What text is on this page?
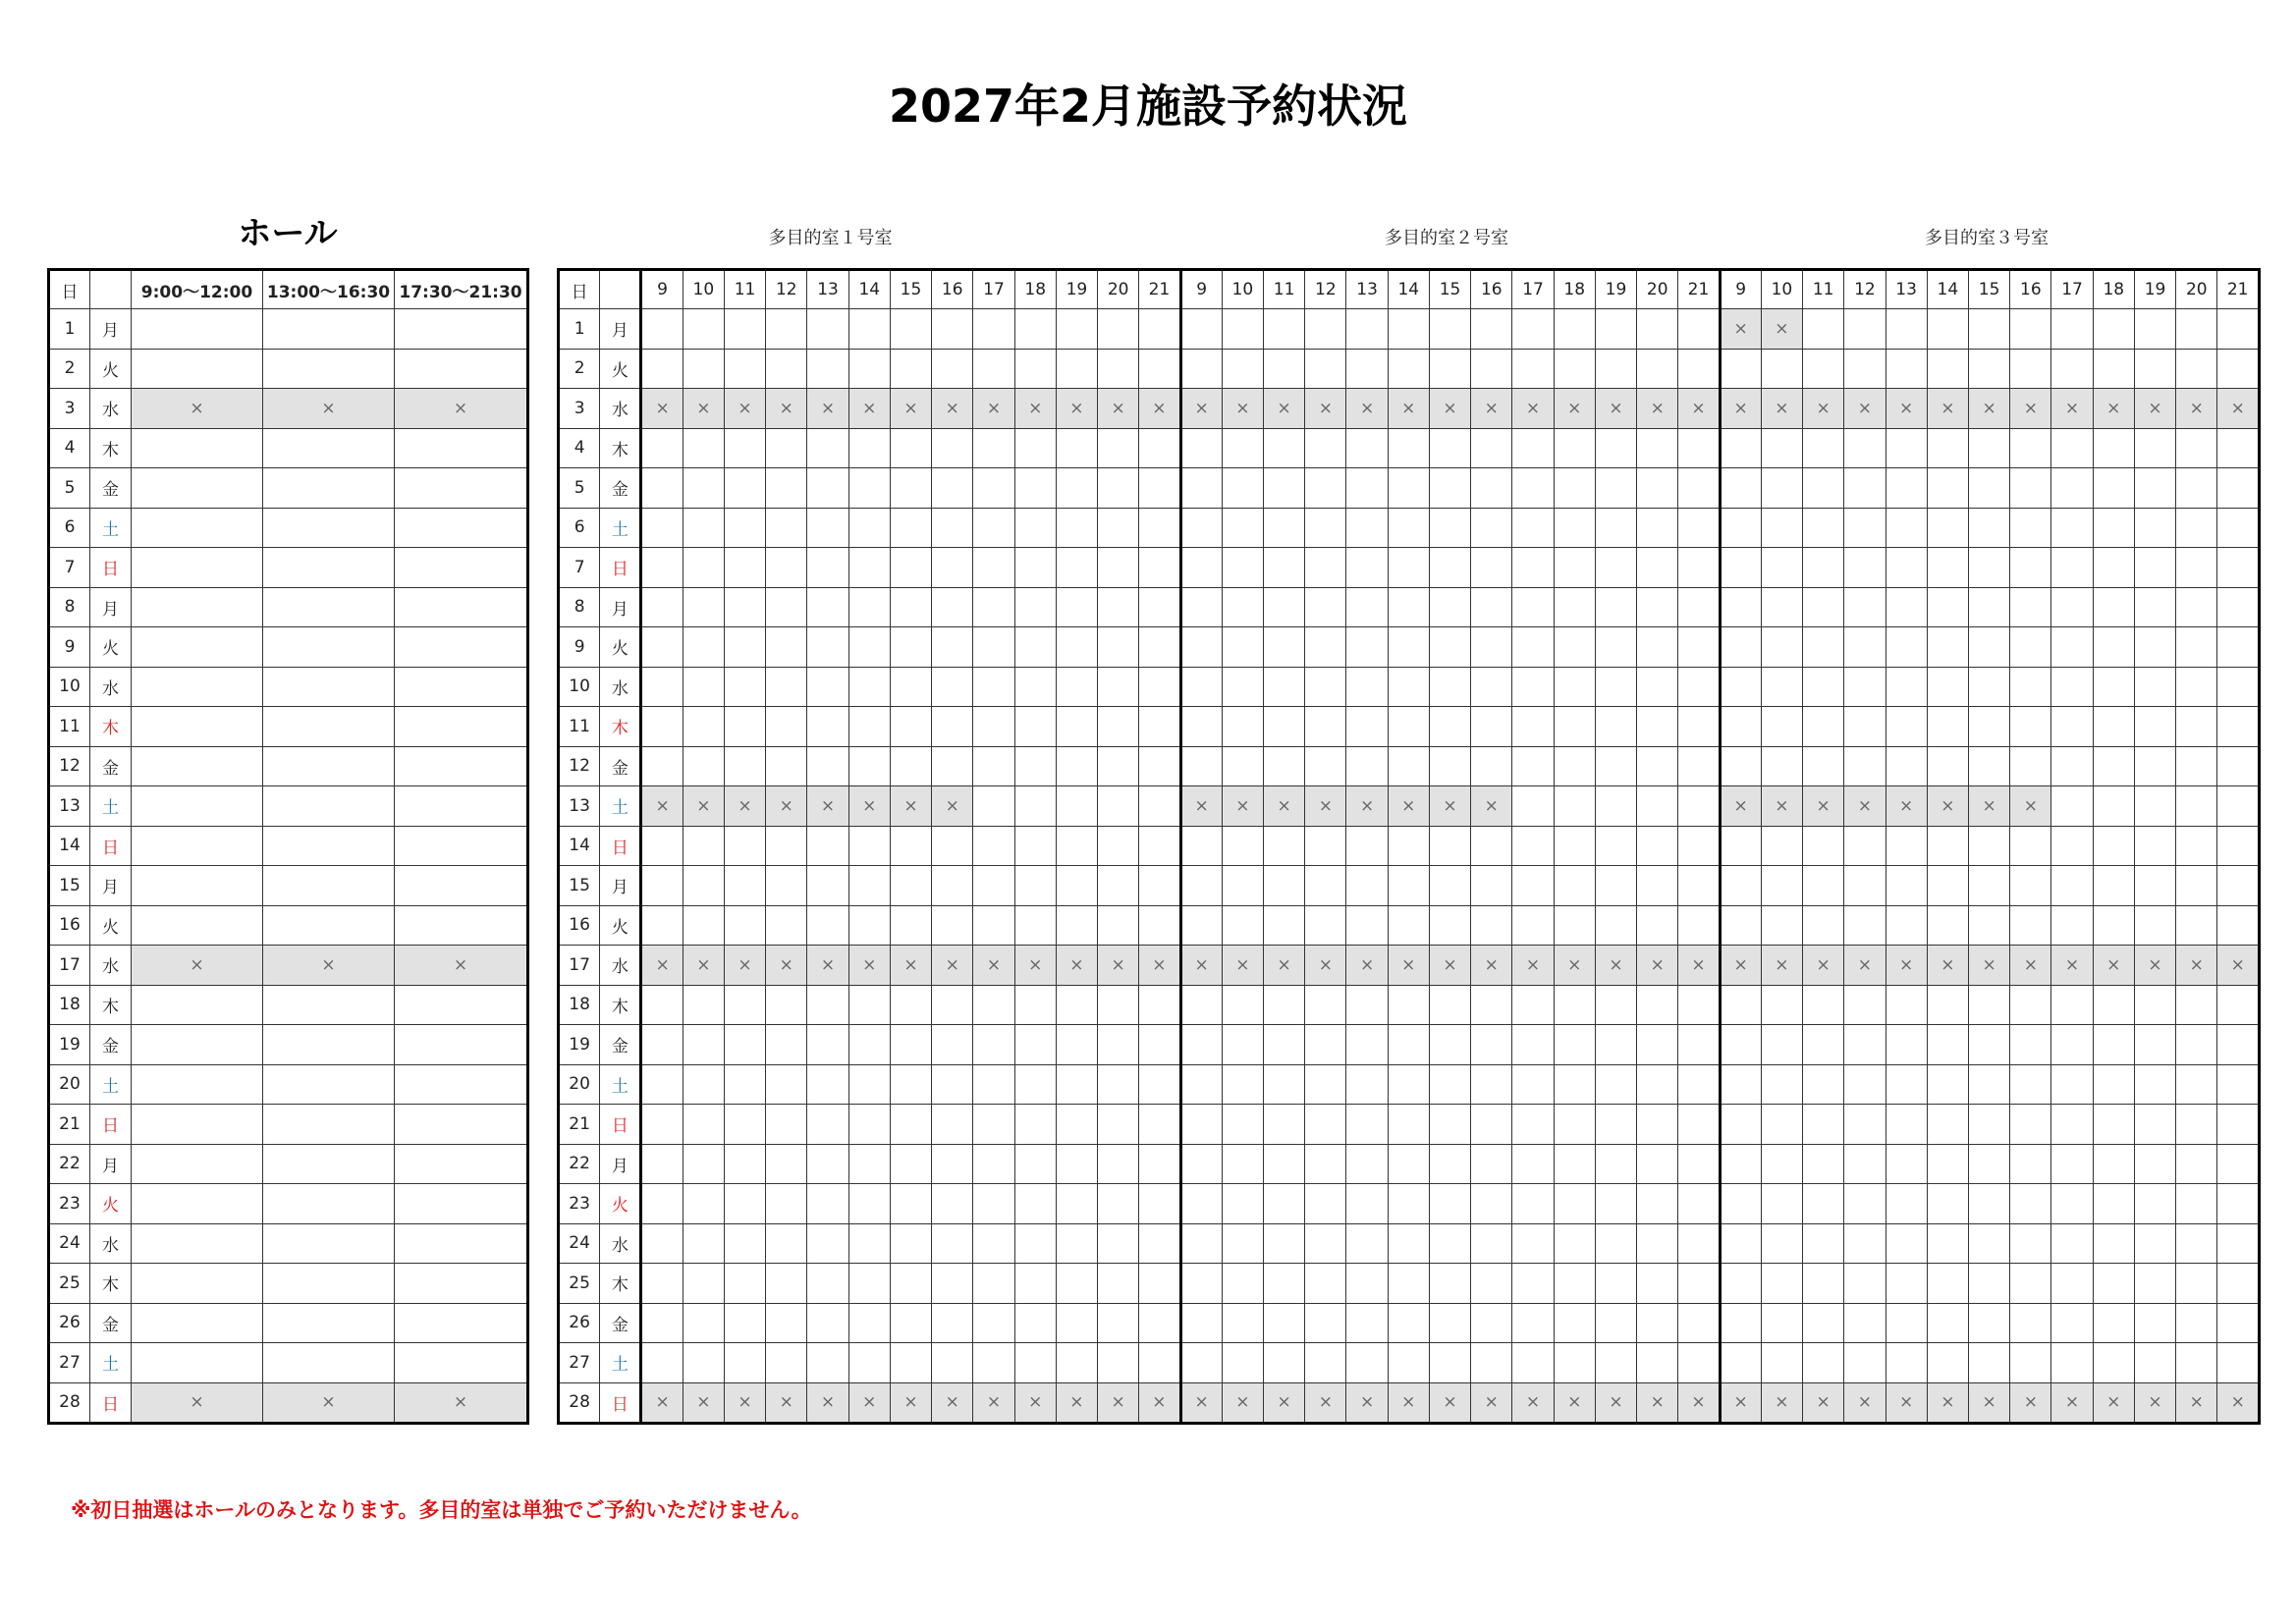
2027年2月施設予約状況
ホール	多目的室１号室	多目的室２号室	多目的室３号室
日		9:00〜12:00	13:00〜16:30	17:30〜21:30
1	月			
2	火			
3	水	×	×	×
4	木			
5	金			
6	土			
7	日			
8	月			
9	火			
10	水			
11	木			
12	金			
13	土			
14	日			
15	月			
16	火			
17	水	×	×	×
18	木			
19	金			
20	土			
21	日			
22	月			
23	火			
24	水			
25	木			
26	金			
27	土			
28	日	×	×	×
日		9	10	11	12	13	14	15	16	17	18	19	20	21	9	10	11	12	13	14	15	16	17	18	19	20	21	9	10	11	12	13	14	15	16	17	18	19	20	21
1	月																											×	×											
2	火																																							
3	水	×	×	×	×	×	×	×	×	×	×	×	×	×	×	×	×	×	×	×	×	×	×	×	×	×	×	×	×	×	×	×	×	×	×	×	×	×	×	×
4	木																																							
5	金																																							
6	土																																							
7	日																																							
8	月																																							
9	火																																							
10	水																																							
11	木																																							
12	金																																							
13	土	×	×	×	×	×	×	×	×						×	×	×	×	×	×	×	×						×	×	×	×	×	×	×	×					
14	日																																							
15	月																																							
16	火																																							
17	水	×	×	×	×	×	×	×	×	×	×	×	×	×	×	×	×	×	×	×	×	×	×	×	×	×	×	×	×	×	×	×	×	×	×	×	×	×	×	×
18	木																																							
19	金																																							
20	土																																							
21	日																																							
22	月																																							
23	火																																							
24	水																																							
25	木																																							
26	金																																							
27	土																																							
28	日	×	×	×	×	×	×	×	×	×	×	×	×	×	×	×	×	×	×	×	×	×	×	×	×	×	×	×	×	×	×	×	×	×	×	×	×	×	×	×
※初日抽選はホールのみとなります。多目的室は単独でご予約いただけません。
